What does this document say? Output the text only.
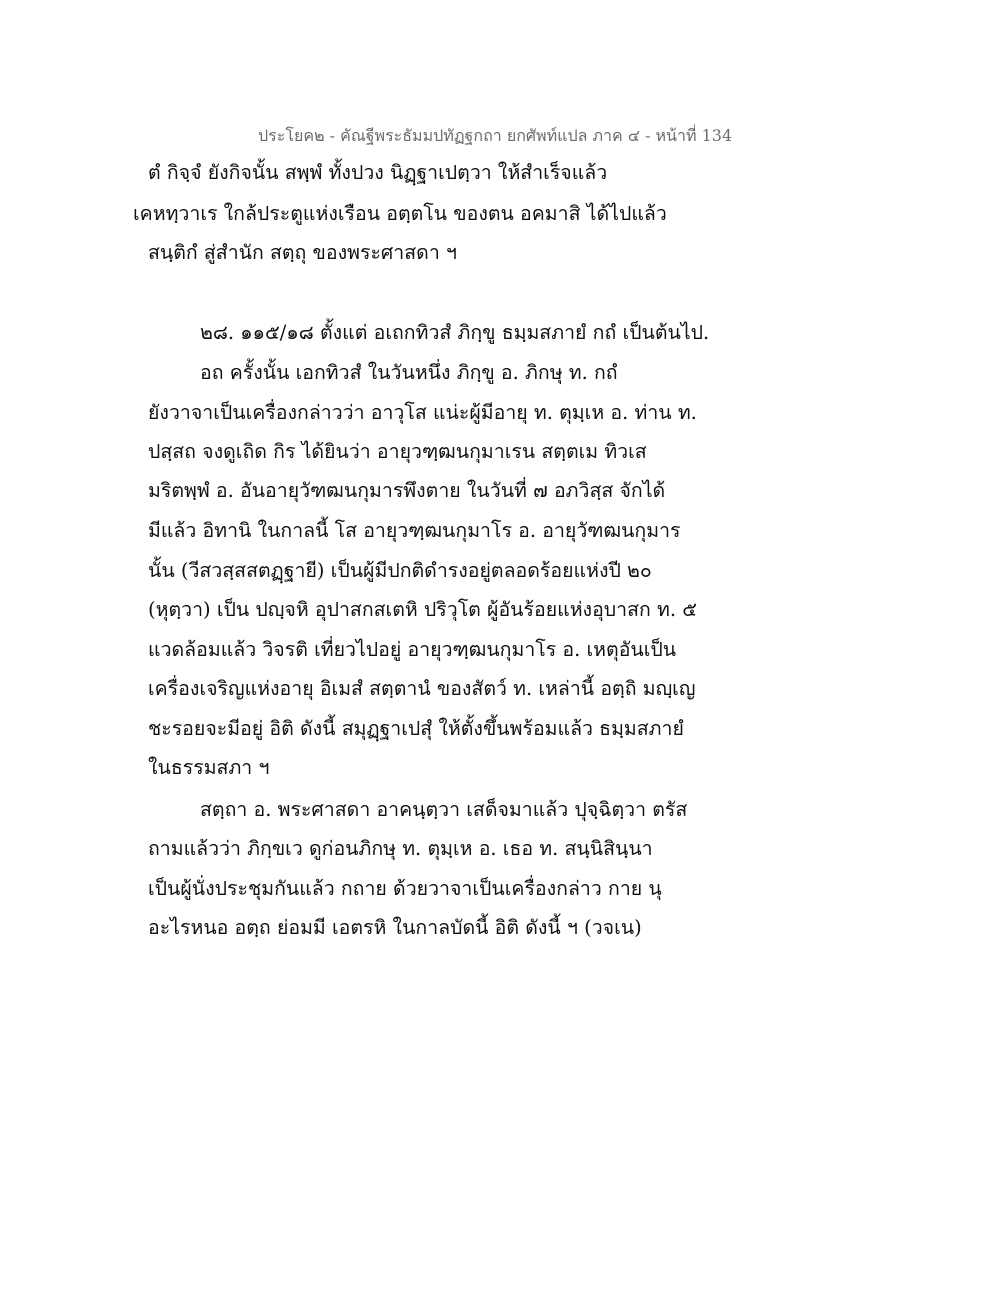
ประโยค๒ - คัณฐีพระธัมมปทัฏฐกถา ยกศัพท์แปล ภาค ๔ - หน้าที่ 134
ตํ กิจฺจํ ยังกิจนั้น สพฺพํ ทั้งปวง นิฏฺฐาเปตฺวา ให้สำเร็จแล้ว
เคหทฺวาเร ใกล้ประตูแห่งเรือน อตฺตโน ของตน อคมาสิ ได้ไปแล้ว
สนฺติกํ สู่สำนัก สตฺถุ ของพระศาสดา ฯ
๒๘. ๑๑๕/๑๘ ตั้งแต่ อเถกทิวสํ ภิกฺขู ธมฺมสภายํ กถํ เป็นต้นไป.
อถ ครั้งนั้น เอกทิวสํ ในวันหนึ่ง ภิกฺขู อ. ภิกษุ ท. กถํ
ยังวาจาเป็นเครื่องกล่าวว่า อาวุโส แน่ะผู้มีอายุ ท. ตุมฺเห อ. ท่าน ท.
ปสฺสถ จงดูเถิด กิร ได้ยินว่า อายุวฑฺฒนกุมาเรน สตฺตเม ทิวเส
มริตพฺพํ อ. อันอายุวัฑฒนกุมารพึงตาย ในวันที่ ๗ อภวิสฺส จักได้
มีแล้ว อิทานิ ในกาลนี้ โส อายุวฑฺฒนกุมาโร อ. อายุวัฑฒนกุมาร
นั้น (วีสวสฺสสตฏฺฐายี) เป็นผู้มีปกติดำรงอยู่ตลอดร้อยแห่งปี ๒๐
(หุตฺวา) เป็น ปญฺจหิ อุปาสกสเตหิ ปริวุโต ผู้อันร้อยแห่งอุบาสก ท. ๕
แวดล้อมแล้ว วิจรติ เที่ยวไปอยู่ อายุวฑฺฒนกุมาโร อ. เหตุอันเป็น
เครื่องเจริญแห่งอายุ อิเมสํ สตฺตานํ ของสัตว์ ท. เหล่านี้ อตฺถิ มญฺเญ
ชะรอยจะมีอยู่ อิติ ดังนี้ สมุฏฺฐาเปสุํ ให้ตั้งขึ้นพร้อมแล้ว ธมฺมสภายํ
ในธรรมสภา ฯ
สตฺถา อ. พระศาสดา อาคนฺตฺวา เสด็จมาแล้ว ปุจฺฉิตฺวา ตรัส
ถามแล้วว่า ภิกฺขเว ดูก่อนภิกษุ ท. ตุมฺเห อ. เธอ ท. สนฺนิสินฺนา
เป็นผู้นั่งประชุมกันแล้ว กถาย ด้วยวาจาเป็นเครื่องกล่าว กาย นุ
อะไรหนอ อตฺถ ย่อมมี เอตรหิ ในกาลบัดนี้ อิติ ดังนี้ ฯ (วจเน)
